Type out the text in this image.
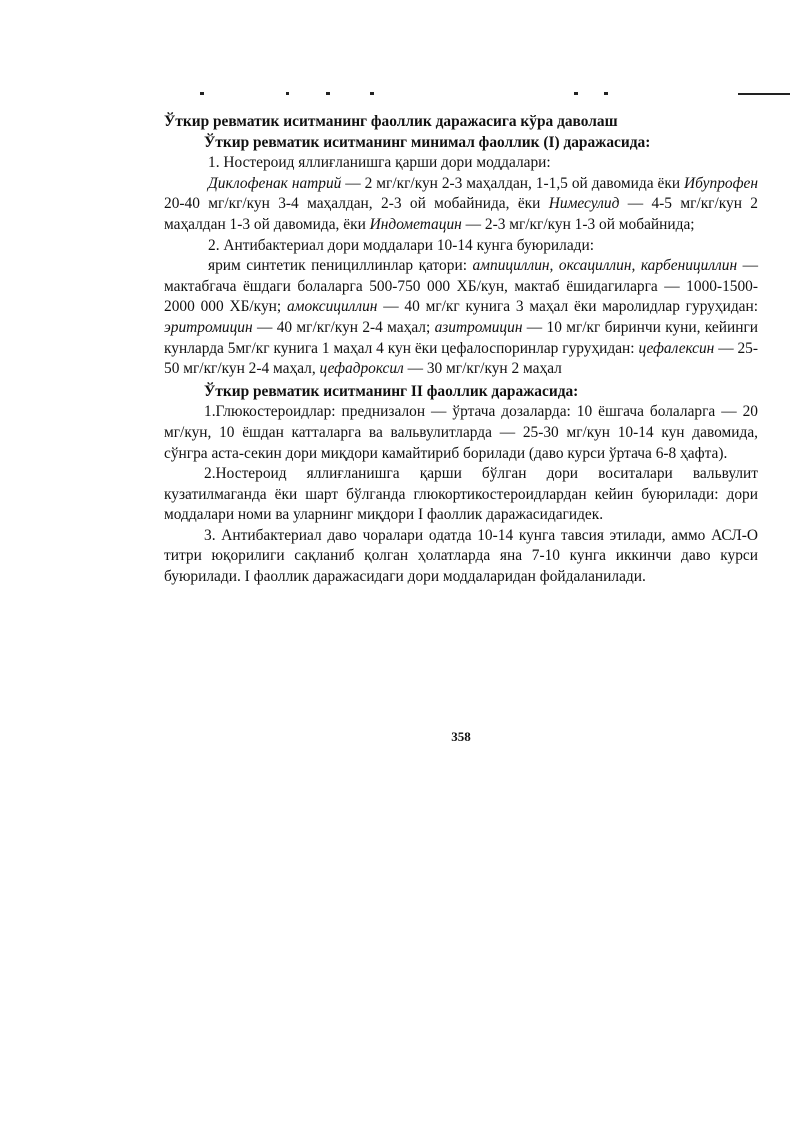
Ўткир ревматик иситманинг фаоллик даражасига кўра даволаш

Ўткир ревматик иситманинг минимал фаоллик (I) даражасида:

1. Ностероид яллиғланишга қарши дори моддалари:

Диклофенак натрий — 2 мг/кг/кун 2-3 маҳалдан, 1-1,5 ой давомида ёки Ибупрофен 20-40 мг/кг/кун 3-4 маҳалдан, 2-3 ой мобайнида, ёки Нимесулид — 4-5 мг/кг/кун 2 маҳалдан 1-3 ой давомида, ёки Индометацин — 2-3 мг/кг/кун 1-3 ой мобайнида;

2. Антибактериал дори моддалари 10-14 кунга буюрилади:

ярим синтетик пенициллинлар қатори: ампициллин, оксациллин, карбенициллин — мактабгача ёшдаги болаларга 500-750 000 ХБ/кун, мактаб ёшидагиларга — 1000-1500-2000 000 ХБ/кун; амоксициллин — 40 мг/кг кунига 3 маҳал ёки маролидлар гуруҳидан: эритромицин — 40 мг/кг/кун 2-4 маҳал; азитромицин — 10 мг/кг биринчи куни, кейинги кунларда 5мг/кг кунига 1 маҳал 4 кун ёки цефалоспоринлар гуруҳидан: цефалексин — 25-50 мг/кг/кун 2-4 маҳал, цефадроксил — 30 мг/кг/кун 2 маҳал

Ўткир ревматик иситманинг II фаоллик даражасида:

1.Глюкостероидлар: преднизалон — ўртача дозаларда: 10 ёшгача болаларга — 20 мг/кун, 10 ёшдан катталарга ва вальвулитларда — 25-30 мг/кун 10-14 кун давомида, сўнгра аста-секин дори миқдори камайтириб борилади (даво курси ўртача 6-8 ҳафта).

2.Ностероид яллиғланишга қарши бўлган дори воситалари вальвулит кузатилмаганда ёки шарт бўлганда глюкортикостероидлардан кейин буюрилади: дори моддалари номи ва уларнинг миқдори I фаоллик даражасидагидек.

3. Антибактериал даво чоралари одатда 10-14 кунга тавсия этилади, аммо АСЛ-О титри юқорилиги сақланиб қолган ҳолатларда яна 7-10 кунга иккинчи даво курси буюрилади. I фаоллик даражасидаги дори моддаларидан фойдаланилади.

358
